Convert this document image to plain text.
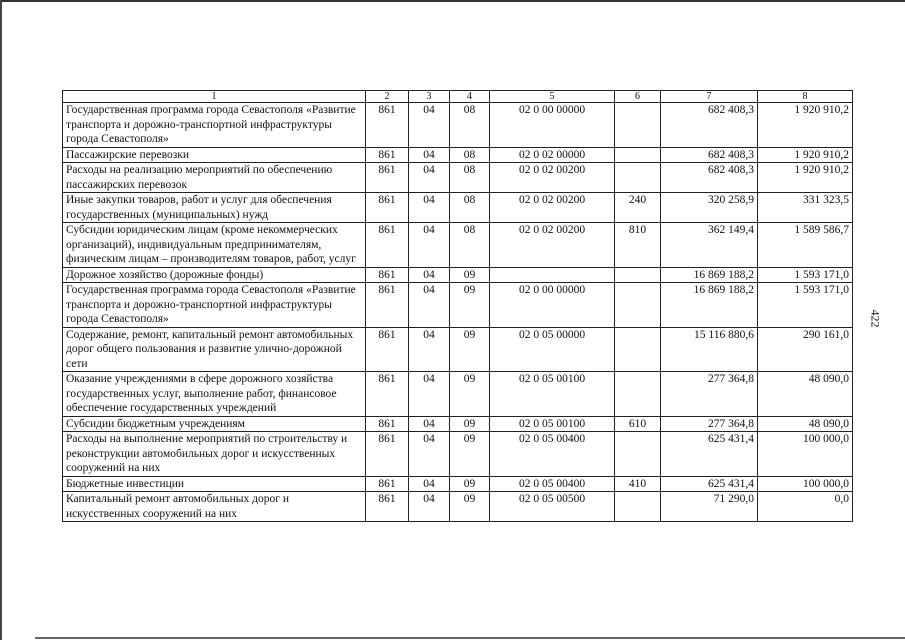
422
1	2	3	4	5	6	7	8
Государственная программа города Севастополя «Развитие транспорта и дорожно-транспортной инфраструктуры города Севастополя»	861	04	08	02 0 00 00000		682 408,3	1 920 910,2
Пассажирские перевозки	861	04	08	02 0 02 00000		682 408,3	1 920 910,2
Расходы на реализацию мероприятий по обеспечению пассажирских перевозок	861	04	08	02 0 02 00200		682 408,3	1 920 910,2
Иные закупки товаров, работ и услуг для обеспечения государственных (муниципальных) нужд	861	04	08	02 0 02 00200	240	320 258,9	331 323,5
Субсидии юридическим лицам (кроме некоммерческих организаций), индивидуальным предпринимателям, физическим лицам – производителям товаров, работ, услуг	861	04	08	02 0 02 00200	810	362 149,4	1 589 586,7
Дорожное хозяйство (дорожные фонды)	861	04	09			16 869 188,2	1 593 171,0
Государственная программа города Севастополя «Развитие транспорта и дорожно-транспортной инфраструктуры города Севастополя»	861	04	09	02 0 00 00000		16 869 188,2	1 593 171,0
Содержание, ремонт, капитальный ремонт автомобильных дорог общего пользования и развитие улично-дорожной сети	861	04	09	02 0 05 00000		15 116 880,6	290 161,0
Оказание учреждениями в сфере дорожного хозяйства государственных услуг, выполнение работ, финансовое обеспечение государственных учреждений	861	04	09	02 0 05 00100		277 364,8	48 090,0
Субсидии бюджетным учреждениям	861	04	09	02 0 05 00100	610	277 364,8	48 090,0
Расходы на выполнение мероприятий по строительству и реконструкции автомобильных дорог и искусственных сооружений на них	861	04	09	02 0 05 00400		625 431,4	100 000,0
Бюджетные инвестиции	861	04	09	02 0 05 00400	410	625 431,4	100 000,0
Капитальный ремонт автомобильных дорог и искусственных сооружений на них	861	04	09	02 0 05 00500		71 290,0	0,0
